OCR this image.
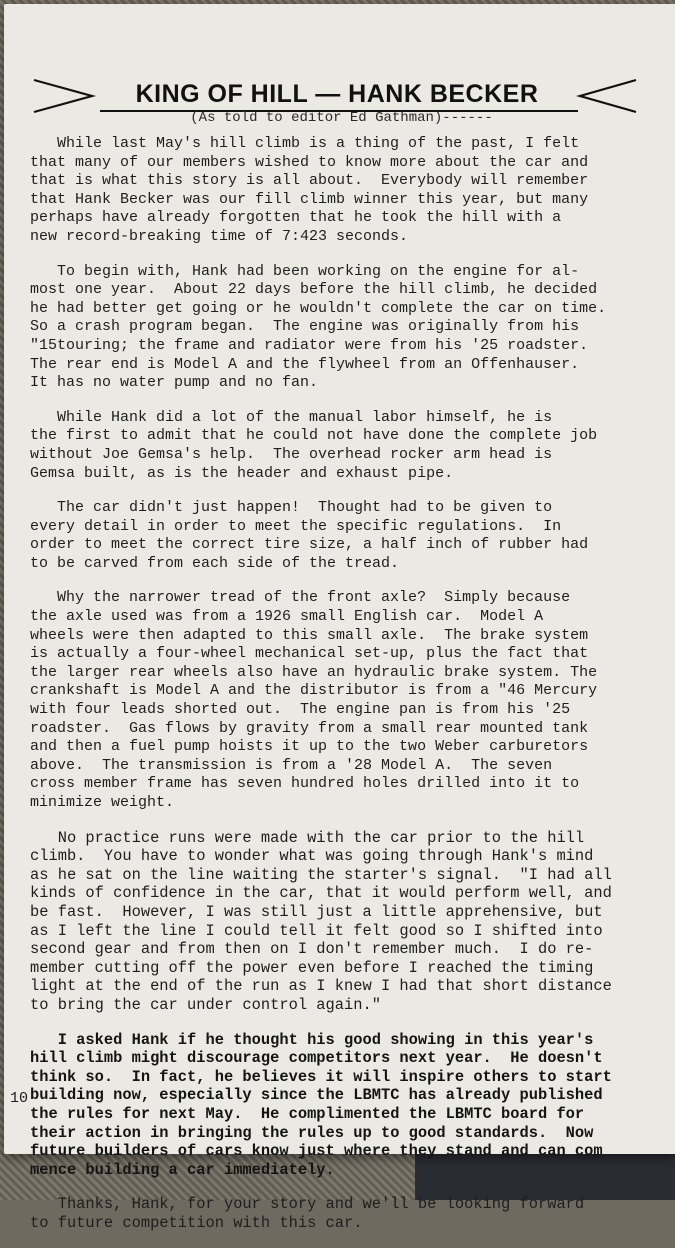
KING OF HILL — HANK BECKER
(As told to editor Ed Gathman)------
While last May's hill climb is a thing of the past, I felt
that many of our members wished to know more about the car and
that is what this story is all about.  Everybody will remember
that Hank Becker was our fill climb winner this year, but many
perhaps have already forgotten that he took the hill with a
new record-breaking time of 7:423 seconds.
To begin with, Hank had been working on the engine for al-
most one year.  About 22 days before the hill climb, he decided
he had better get going or he wouldn't complete the car on time.
So a crash program began.  The engine was originally from his
"15touring; the frame and radiator were from his '25 roadster.
The rear end is Model A and the flywheel from an Offenhauser.
It has no water pump and no fan.
While Hank did a lot of the manual labor himself, he is
the first to admit that he could not have done the complete job
without Joe Gemsa's help.  The overhead rocker arm head is
Gemsa built, as is the header and exhaust pipe.
The car didn't just happen!  Thought had to be given to
every detail in order to meet the specific regulations.  In
order to meet the correct tire size, a half inch of rubber had
to be carved from each side of the tread.
Why the narrower tread of the front axle?  Simply because
the axle used was from a 1926 small English car.  Model A
wheels were then adapted to this small axle.  The brake system
is actually a four-wheel mechanical set-up, plus the fact that
the larger rear wheels also have an hydraulic brake system. The
crankshaft is Model A and the distributor is from a "46 Mercury
with four leads shorted out.  The engine pan is from his '25
roadster.  Gas flows by gravity from a small rear mounted tank
and then a fuel pump hoists it up to the two Weber carburetors
above.  The transmission is from a '28 Model A.  The seven
cross member frame has seven hundred holes drilled into it to
minimize weight.
No practice runs were made with the car prior to the hill
climb.  You have to wonder what was going through Hank's mind
as he sat on the line waiting the starter's signal.  "I had all
kinds of confidence in the car, that it would perform well, and
be fast.  However, I was still just a little apprehensive, but
as I left the line I could tell it felt good so I shifted into
second gear and from then on I don't remember much.  I do re-
member cutting off the power even before I reached the timing
light at the end of the run as I knew I had that short distance
to bring the car under control again."
I asked Hank if he thought his good showing in this year's
hill climb might discourage competitors next year.  He doesn't
think so.  In fact, he believes it will inspire others to start
building now, especially since the LBMTC has already published
the rules for next May.  He complimented the LBMTC board for
their action in bringing the rules up to good standards.  Now
future builders of cars know just where they stand and can com
mence building a car immediately.
Thanks, Hank, for your story and we'll be looking forward
to future competition with this car.
10
